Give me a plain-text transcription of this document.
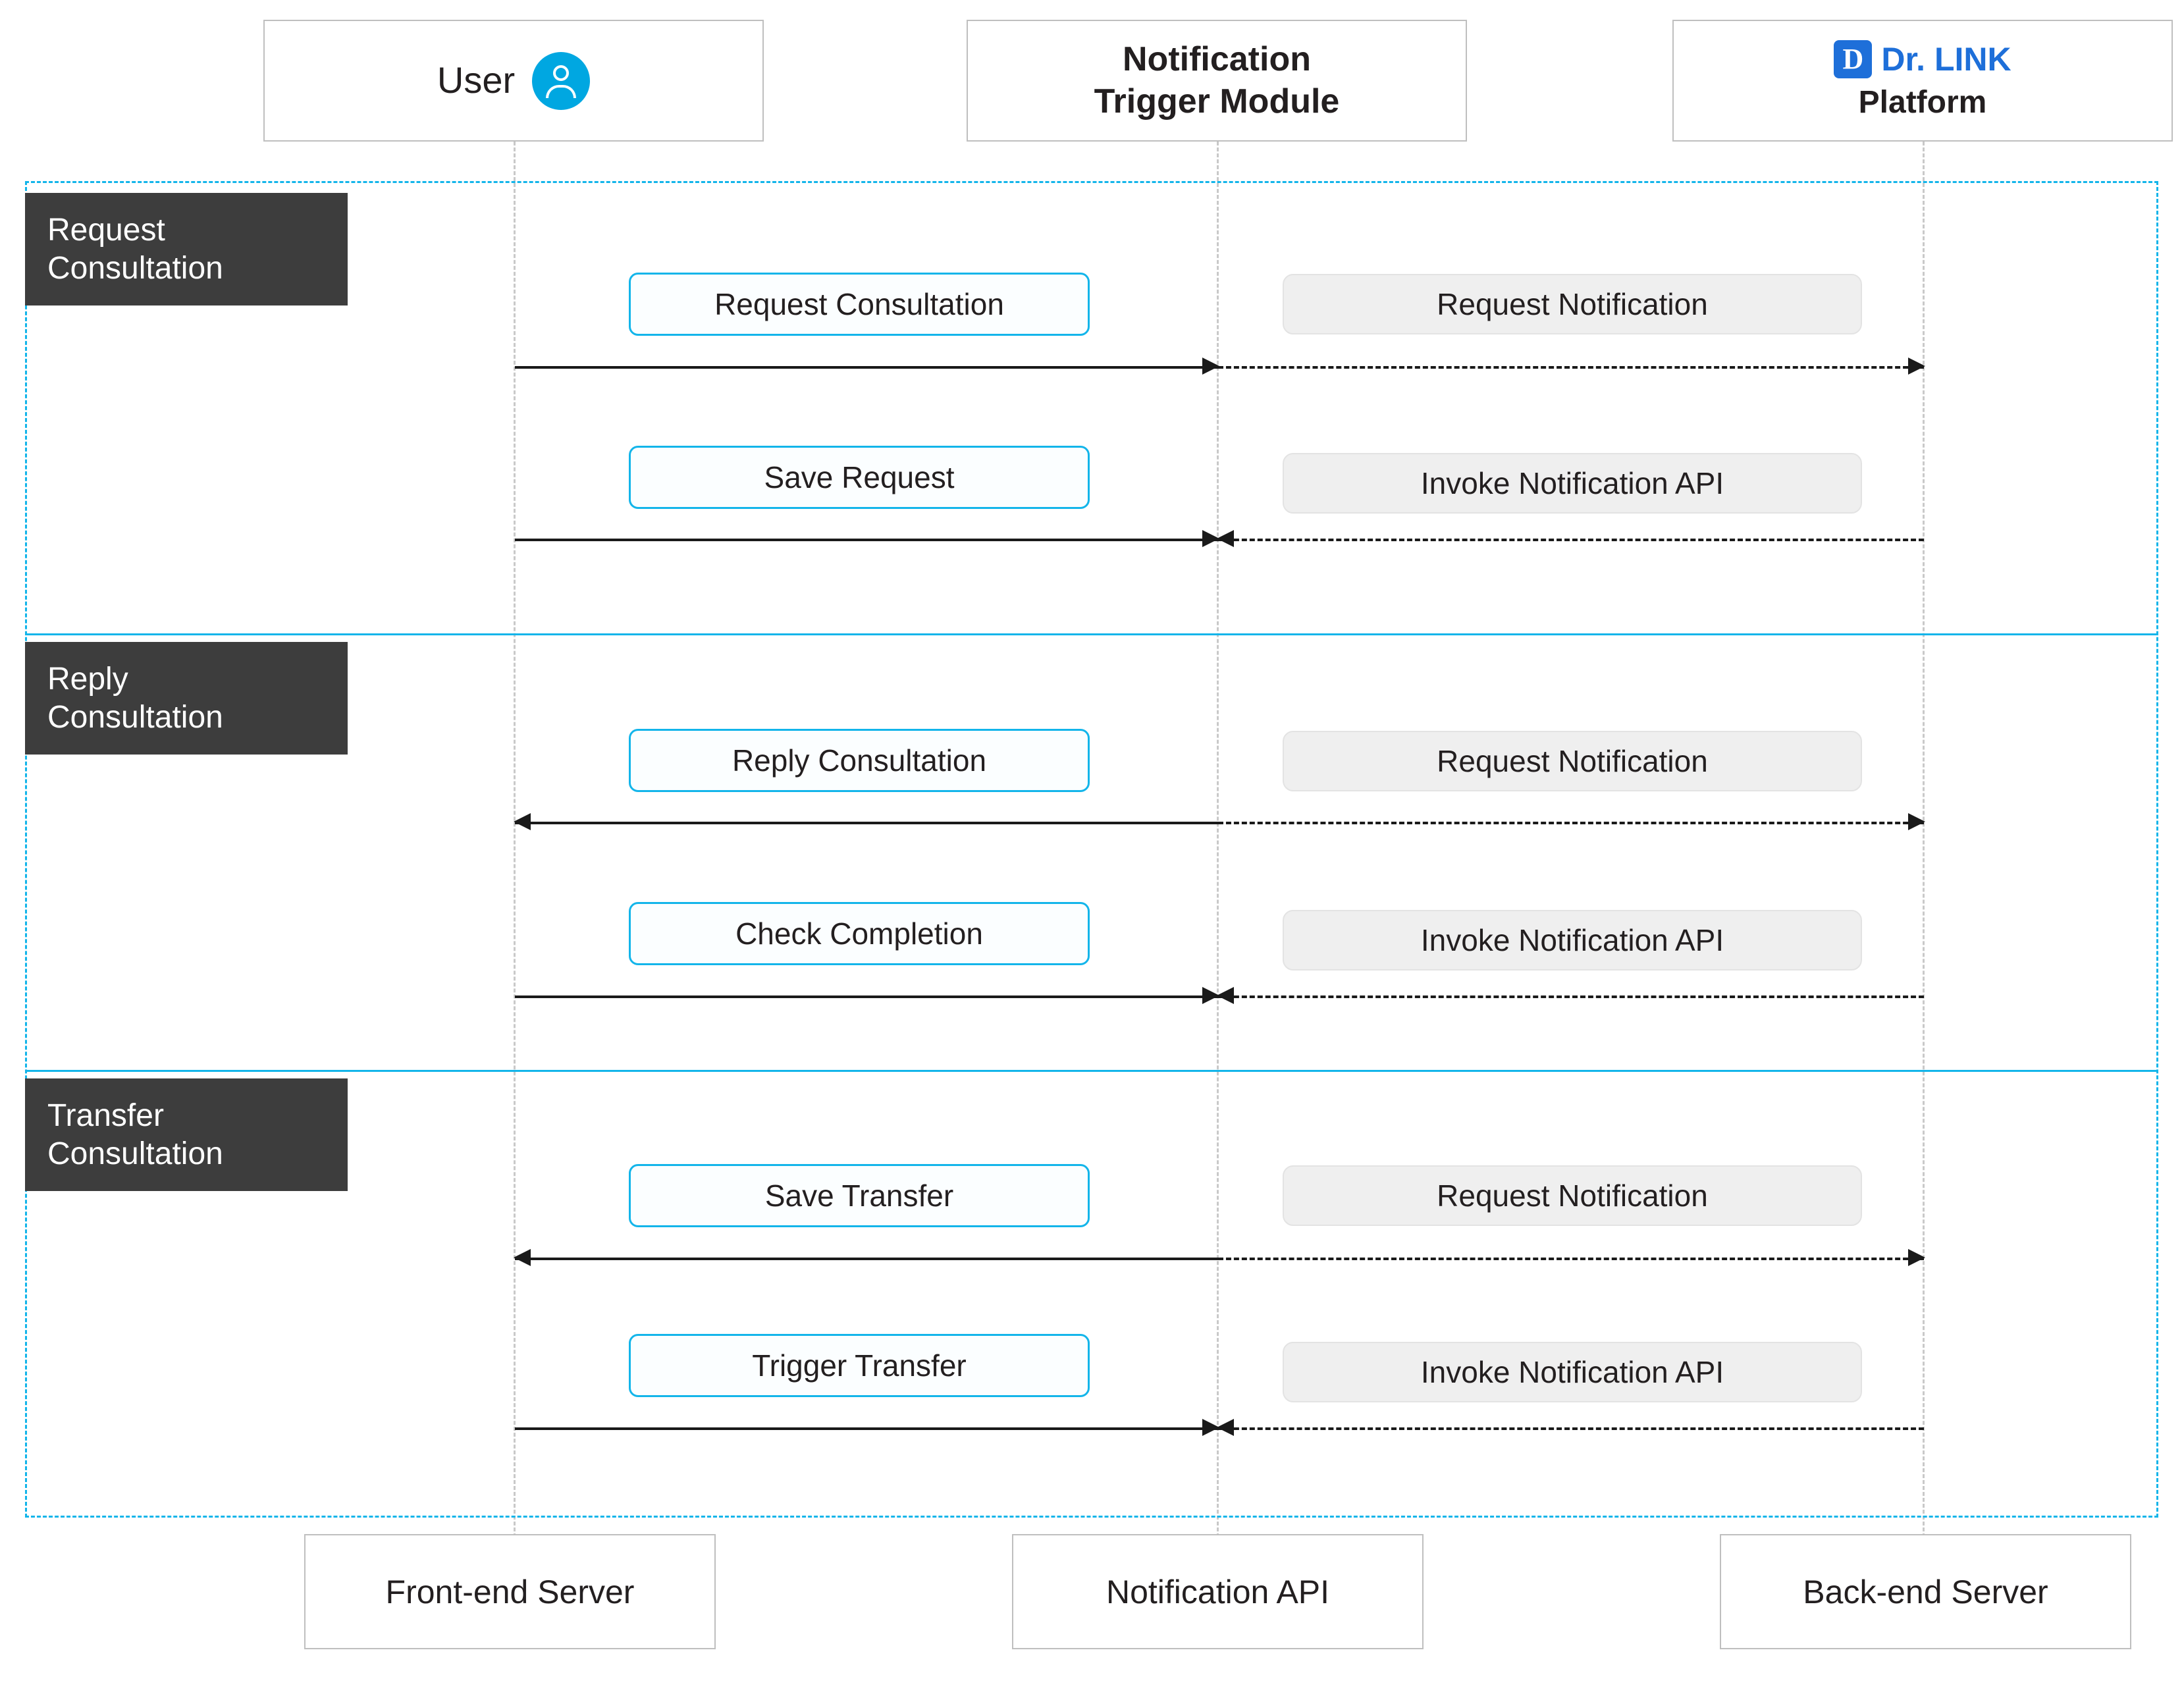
User
Notification
Trigger Module
D Dr. LINK
Platform
Request
Consultation
Reply
Consultation
Transfer
Consultation
Request Consultation	Request Notification
Save Request	Invoke Notification API
Reply Consultation	Request Notification
Check Completion	Invoke Notification API
Save Transfer	Request Notification
Trigger Transfer	Invoke Notification API
Front-end Server	Notification API	Back-end Server
